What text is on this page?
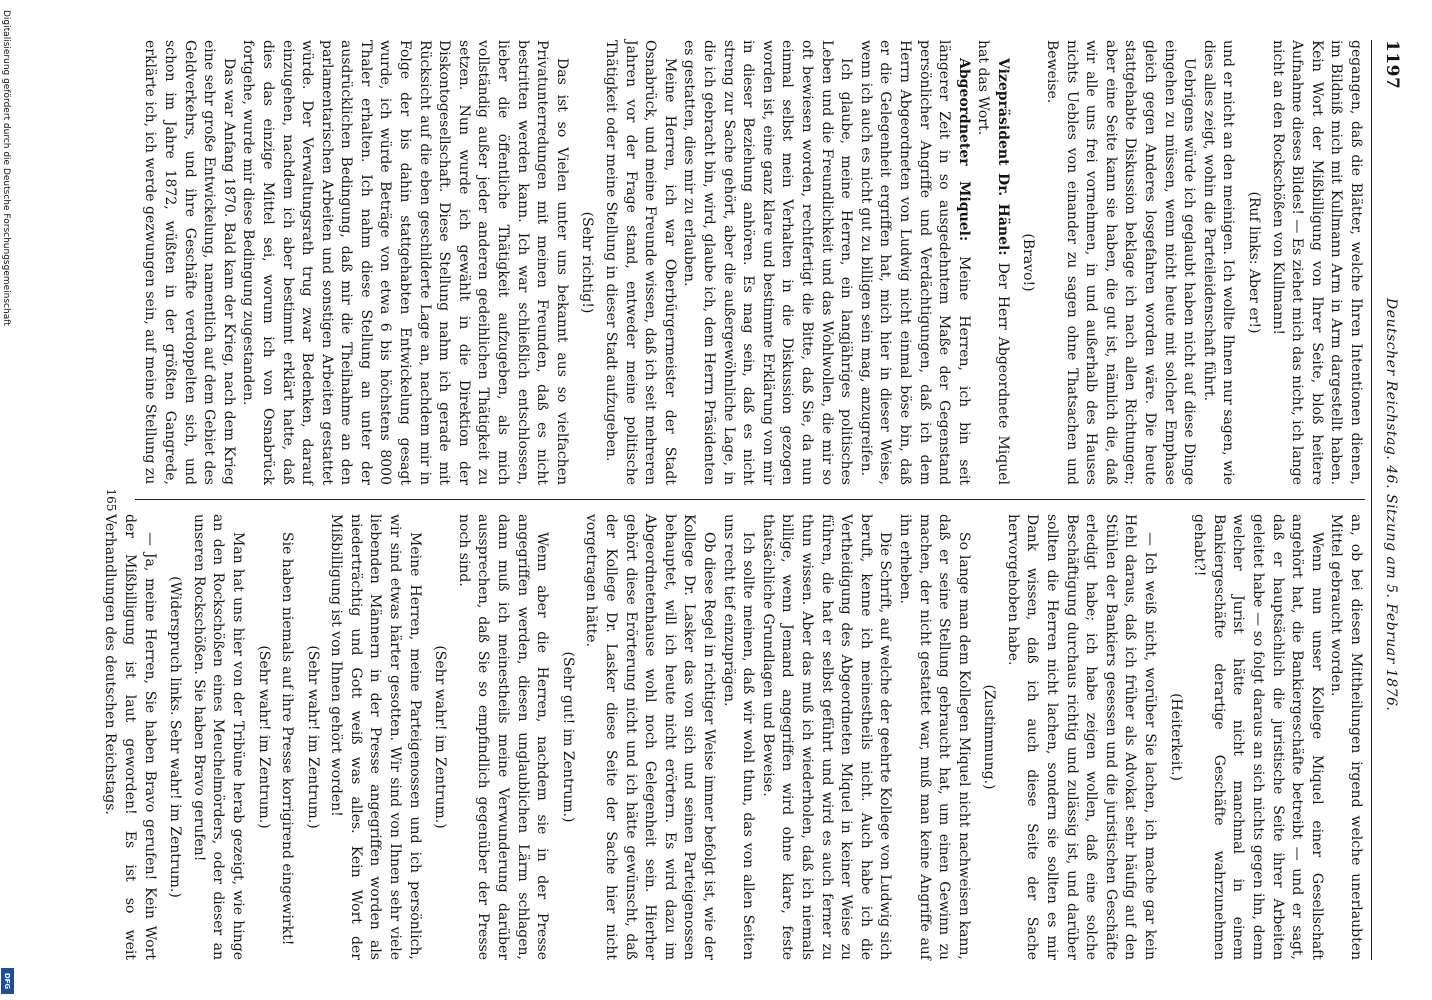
1197
Deutscher Reichstag. 46. Sitzung am 5. Februar 1876.

gegangen, daß die Blätter, welche Ihren Intentionen dienen, im Bildniß mich mit Kullmann Arm in Arm dargestellt haben. Kein Wort der Mißbilligung von Ihrer Seite, bloß heitere Aufnahme dieses Bildes! — Es ziehet mich das nicht, ich lange nicht an den Rockschößen von Kullmann!

(Ruf links: Aber er!)

und er nicht an den meinigen. Ich wollte Ihnen nur sagen, wie dies alles zeigt, wohin die Parteileidenschaft führt.

Uebrigens würde ich geglaubt haben nicht auf diese Dinge eingehen zu müssen, wenn nicht heute mit solcher Emphase gleich gegen Anderes losgefahren worden wäre. Die heute stattgehabte Diskussion beklage ich nach allen Richtungen; aber eine Seite kann sie haben, die gut ist, nämlich die, daß wir alle uns frei vornehmen, in und außerhalb des Hauses nichts Uebles von einander zu sagen ohne Thatsachen und Beweise.

(Bravo!)

Vizepräsident Dr. Hänel: Der Herr Abgeordnete Miquel hat das Wort.

Abgeordneter Miquel: Meine Herren, ich bin seit längerer Zeit in so ausgedehntem Maße der Gegenstand persönlicher Angriffe und Verdächtigungen, daß ich dem Herrn Abgeordneten von Ludwig nicht einmal böse bin, daß er die Gelegenheit ergriffen hat, mich hier in dieser Weise, wenn ich auch es nicht gut zu billigen sein mag, anzugreifen.

Ich glaube, meine Herren, ein langjähriges politisches Leben und die Freundlichkeit und das Wohlwollen, die mir so oft bewiesen worden, rechtfertigt die Bitte, daß Sie, da nun einmal selbst mein Verhalten in die Diskussion gezogen worden ist, eine ganz klare und bestimmte Erklärung von mir in dieser Beziehung anhören. Es mag sein, daß es nicht streng zur Sache gehört, aber die außergewöhnliche Lage, in die ich gebracht bin, wird, glaube ich, dem Herrn Präsidenten es gestatten, dies mir zu erlauben.

Meine Herren, ich war Oberbürgermeister der Stadt Osnabrück, und meine Freunde wissen, daß ich seit mehreren Jahren vor der Frage stand, entweder meine politische Thätigkeit oder meine Stellung in dieser Stadt aufzugeben.

(Sehr richtig!)

Das ist so Vielen unter uns bekannt aus so vielfachen Privatunterredungen mit meinen Freunden, daß es nicht bestritten werden kann. Ich war schließlich entschlossen, lieber die öffentliche Thätigkeit aufzugeben, als mich vollständig außer jeder anderen gedeihlichen Thätigkeit zu setzen. Nun wurde ich gewählt in die Direktion der Diskontogesellschaft. Diese Stellung nahm ich gerade mit Rücksicht auf die eben geschilderte Lage an, nachdem mir in Folge der bis dahin stattgehabten Entwickelung gesagt wurde, ich würde Beträge von etwa 6 bis höchstens 8000 Thaler erhalten. Ich nahm diese Stellung an unter der ausdrücklichen Bedingung, daß mir die Theilnahme an den parlamentarischen Arbeiten und sonstigen Arbeiten gestattet würde. Der Verwaltungsrath trug zwar Bedenken, darauf einzugehen, nachdem ich aber bestimmt erklärt hatte, daß dies das einzige Mittel sei, worum ich von Osnabrück fortgehe, wurde mir diese Bedingung zugestanden.

Das war Anfang 1870. Bald kam der Krieg, nach dem Krieg eine sehr große Entwickelung, namentlich auf dem Gebiet des Geldverkehrs, und ihre Geschäfte verdoppelten sich, und schon im Jahre 1872, wüßten in der größten Gangrede, erklärte ich, ich werde gezwungen sein, auf meine Stellung zu

an, ob bei diesen Mittheilungen irgend welche unerlaubten Mittel gebraucht worden.

Wenn nun unser Kollege Miquel einer Gesellschaft angehört hat, die Bankiergeschäfte betreibt — und er sagt, daß er hauptsächlich die juristische Seite ihrer Arbeiten geleitet habe — so folgt daraus an sich nichts gegen ihn, denn welcher Jurist hätte nicht manchmal in einem Bankiergeschäfte derartige Geschäfte wahrzunehmen gehabt?!

(Heiterkeit.)

— Ich weiß nicht, worüber Sie lachen, ich mache gar kein Hehl daraus, daß ich früher als Advokat sehr häufig auf den Stühlen der Bankiers gesessen und die juristischen Geschäfte erledigt habe; ich habe zeigen wollen, daß eine solche Beschäftigung durchaus richtig und zulässig ist, und darüber sollten die Herren nicht lachen, sondern sie sollten es mir Dank wissen, daß ich auch diese Seite der Sache hervorgehoben habe.

(Zustimmung.)

So lange man dem Kollegen Miquel nicht nachweisen kann, daß er seine Stellung gebraucht hat, um einen Gewinn zu machen, der nicht gestattet war, muß man keine Angriffe auf ihn erheben.

Die Schrift, auf welche der geehrte Kollege von Ludwig sich beruft, kenne ich meinestheils nicht. Auch habe ich die Vertheidigung des Abgeordneten Miquel in keiner Weise zu führen, die hat er selbst geführt und wird es auch ferner zu thun wissen. Aber das muß ich wiederholen, daß ich niemals billige, wenn Jemand angegriffen wird ohne klare, feste thatsächliche Grundlagen und Beweise.

Ich sollte meinen, daß wir wohl thun, das von allen Seiten uns recht tief einzuprägen.

Ob diese Regel in richtiger Weise immer befolgt ist, wie der Kollege Dr. Lasker das von sich und seinen Parteigenossen behauptet, will ich heute nicht erörtern. Es wird dazu im Abgeordnetenhause wohl noch Gelegenheit sein. Hierher gehört diese Erörterung nicht und ich hätte gewünscht, daß der Kollege Dr. Lasker diese Seite der Sache hier nicht vorgetragen hätte.

(Sehr gut! im Zentrum.)

Wenn aber die Herren, nachdem sie in der Presse angegriffen werden, diesen unglaublichen Lärm schlagen, dann muß ich meinestheils meine Verwunderung darüber aussprechen, daß Sie so empfindlich gegenüber der Presse noch sind.

(Sehr wahr! im Zentrum.)

Meine Herren, meine Parteigenossen und ich persönlich, wir sind etwas härter gesotten. Wir sind von Ihnen sehr viele liebenden Männern in der Presse angegriffen worden als niederträchtig und Gott weiß was alles. Kein Wort der Mißbilligung ist von Ihnen gehört worden!

(Sehr wahr! im Zentrum.)

Sie haben niemals auf ihre Presse korrigirend eingewirkt!

(Sehr wahr! im Zentrum.)

Man hat uns hier von der Tribüne herab gezeigt, wie hinge an den Rockschößen eines Meuchelmörders, oder dieser an unseren Rockschößen. Sie haben Bravo gerufen!

(Widerspruch links. Sehr wahr! im Zentrum.)

— Ja, meine Herren, Sie haben Bravo gerufen! Kein Wort der Mißbilligung ist laut geworden! Es ist so weit Verhandlungen des deutschen Reichstags.

165
Digitalisierung gefördert durch die Deutsche Forschungsgemeinschaft
DFG
